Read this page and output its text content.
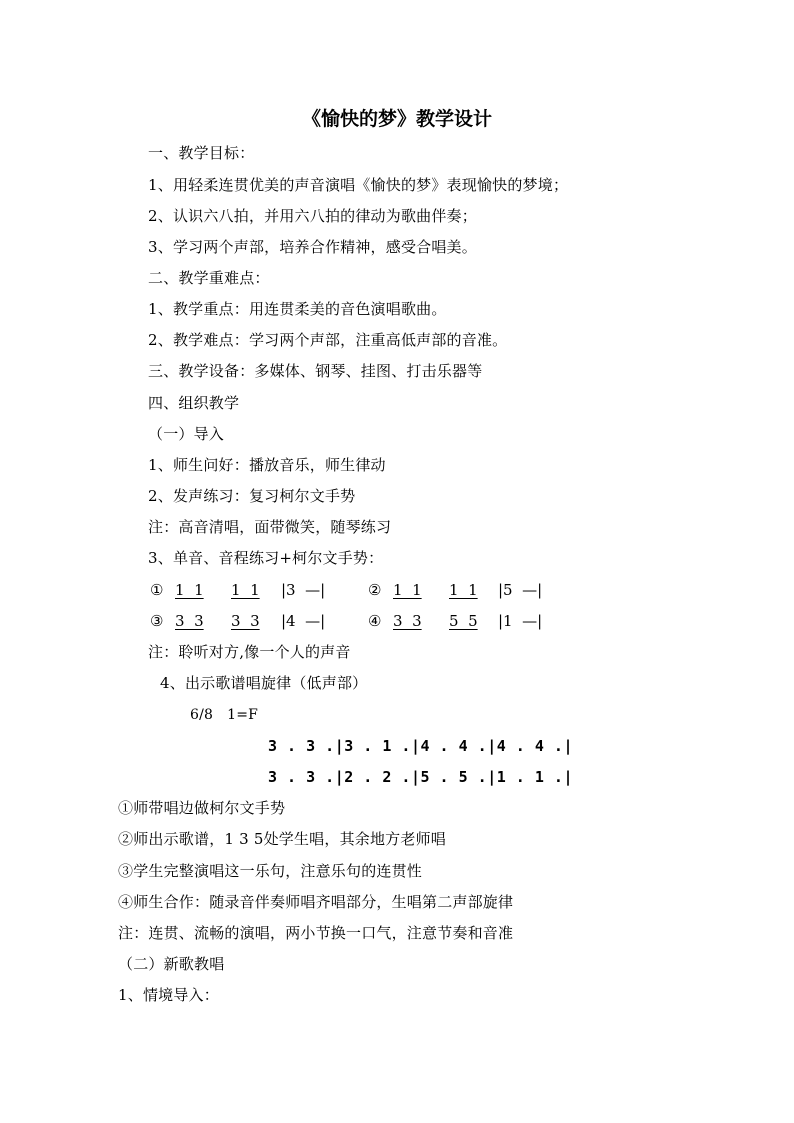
《愉快的梦》教学设计
一、教学目标：
1、用轻柔连贯优美的声音演唱《愉快的梦》表现愉快的梦境；
2、认识六八拍，并用六八拍的律动为歌曲伴奏；
3、学习两个声部，培养合作精神，感受合唱美。
二、教学重难点：
1、教学重点：用连贯柔美的音色演唱歌曲。
2、教学难点：学习两个声部，注重高低声部的音准。
三、教学设备：多媒体、钢琴、挂图、打击乐器等
四、组织教学
（一）导入
1、师生问好：播放音乐，师生律动
2、发声练习：复习柯尔文手势
注：高音清唱，面带微笑，随琴练习
3、单音、音程练习+柯尔文手势：
① 1  1 1  1 |3  —|	② 1  1 1  1 |5  —|
③ 3  3 3  3 |4  —|	④ 3  3 5  5 |1  —|
注：聆听对方,像一个人的声音
4、出示歌谱唱旋律（低声部）
6/8   1=F
3 . 3 .|3 . 1 .|4 . 4 .|4 . 4 .|
3 . 3 .|2 . 2 .|5 . 5 .|1 . 1 .|
①师带唱边做柯尔文手势
②师出示歌谱，1 3 5处学生唱，其余地方老师唱
③学生完整演唱这一乐句，注意乐句的连贯性
④师生合作：随录音伴奏师唱齐唱部分，生唱第二声部旋律
注：连贯、流畅的演唱，两小节换一口气，注意节奏和音准
（二）新歌教唱
1、情境导入：
